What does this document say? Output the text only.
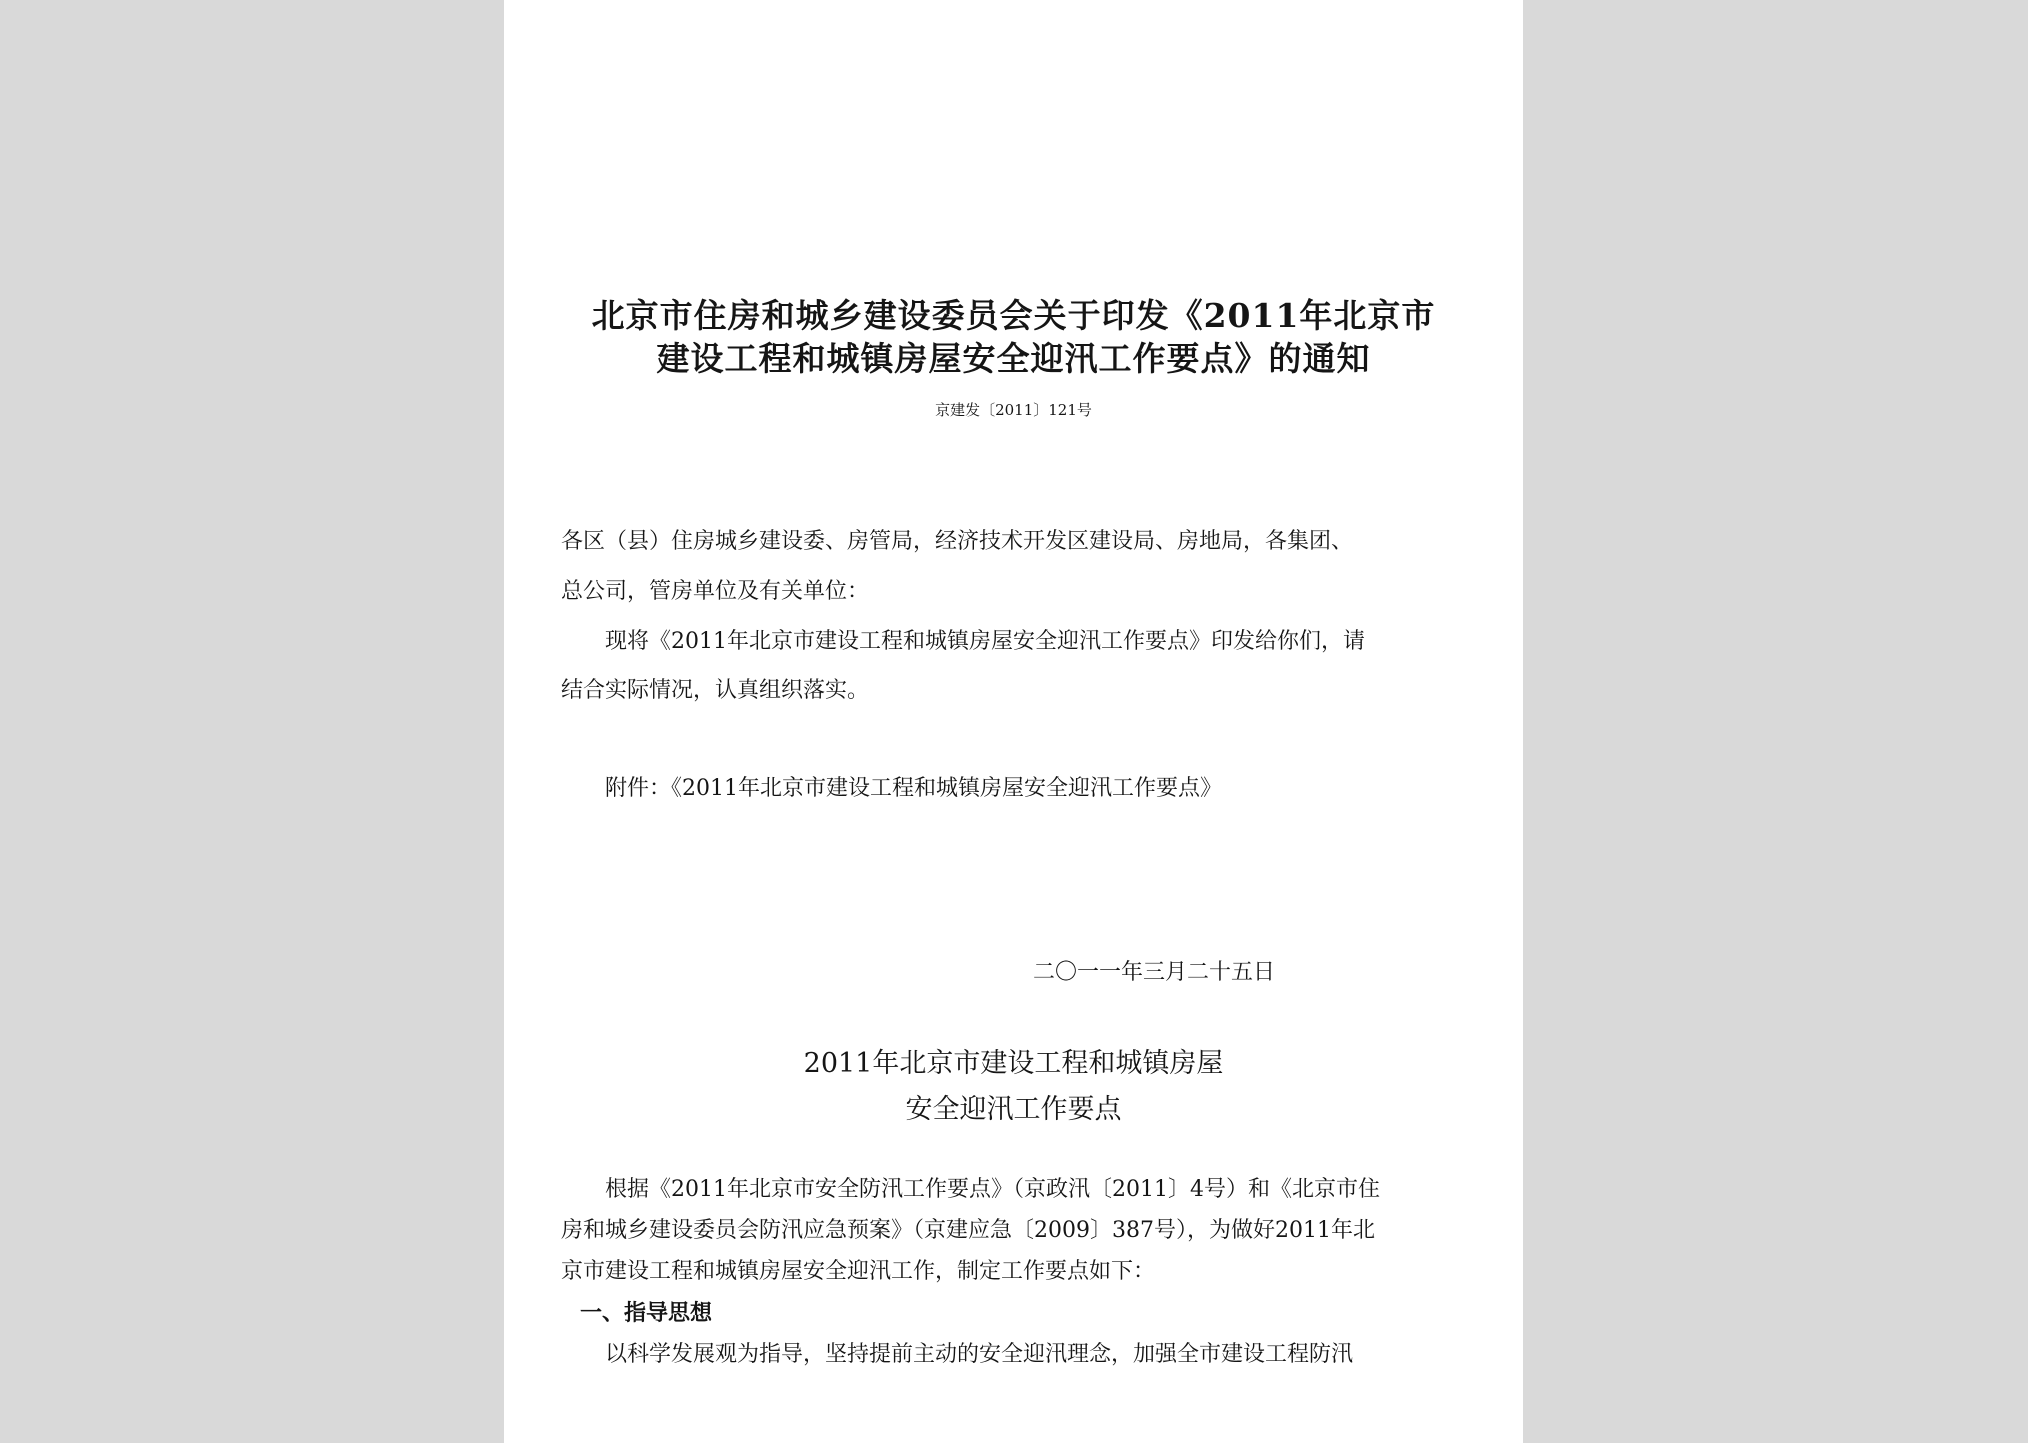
北京市住房和城乡建设委员会关于印发《2011年北京市
建设工程和城镇房屋安全迎汛工作要点》的通知
京建发〔2011〕121号
各区（县）住房城乡建设委、房管局，经济技术开发区建设局、房地局，各集团、
总公司，管房单位及有关单位：
现将《2011年北京市建设工程和城镇房屋安全迎汛工作要点》印发给你们，请
结合实际情况，认真组织落实。
附件：《2011年北京市建设工程和城镇房屋安全迎汛工作要点》
二〇一一年三月二十五日
2011年北京市建设工程和城镇房屋
安全迎汛工作要点
根据《2011年北京市安全防汛工作要点》（京政汛〔2011〕4号）和《北京市住
房和城乡建设委员会防汛应急预案》（京建应急〔2009〕387号），为做好2011年北
京市建设工程和城镇房屋安全迎汛工作，制定工作要点如下：
一、指导思想
以科学发展观为指导，坚持提前主动的安全迎汛理念，加强全市建设工程防汛
